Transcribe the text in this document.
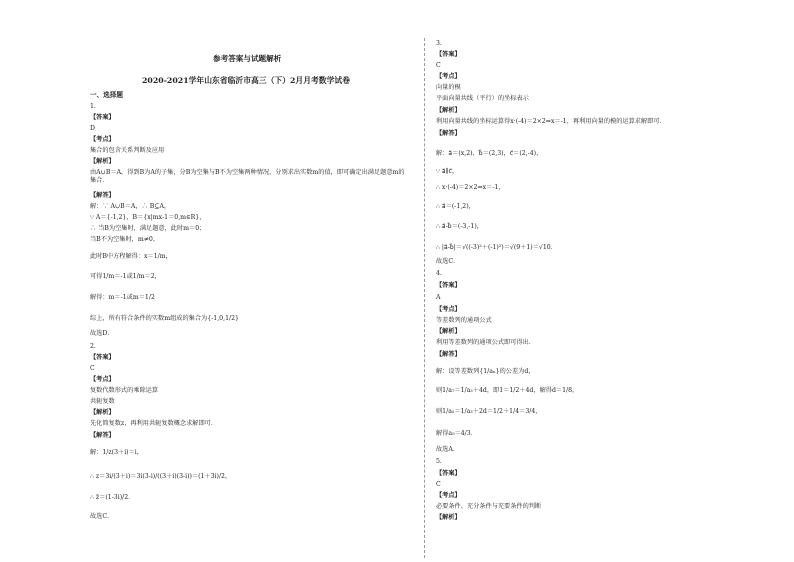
参考答案与试题解析
2020-2021学年山东省临沂市高三（下）2月月考数学试卷
一、选择题
1.
【答案】
D
【考点】
集合的包含关系判断及应用
【解析】
由A∪B＝A，得到B为A的子集，分B为空集与B不为空集两种情况，分别求出实数m的值，即可确定出满足题意m的集合．
【解答】
解：∵ A∪B＝A，∴ B⊆A，
∵ A＝{-1,2}，B＝{x|mx-1＝0,m∈R}，
∴ 当B为空集时，满足题意，此时m＝0；
当B不为空集时，m≠0，
此时B中方程解得：x＝1/m，
可得1/m＝-1或1/m＝2，
解得：m＝-1或m＝1/2
综上，所有符合条件的实数m组成的集合为{-1,0,1/2}
故选D．
2.
【答案】
C
【考点】
复数代数形式的乘除运算
共轭复数
【解析】
先化简复数z，再利用共轭复数概念求解即可．
【解答】
解：1/z(3＋i)＝i，
∴ z＝3i/(3＋i)＝3i(3-i)/((3＋i)(3-i))＝(1＋3i)/2，
∴ z̄＝(1-3i)/2．
故选C．
3.
【答案】
C
【考点】
向量的模
平面向量共线（平行）的坐标表示
【解析】
利用向量共线的坐标运算得x·(-4)＝2×2⇒x＝-1，再利用向量的模的运算求解即可．
【解答】
解：a⃗＝(x,2)，b⃗＝(2,3)，c⃗＝(2,-4)，
∵ a⃗∥c⃗，
∴ x·(-4)＝2×2⇒x＝-1，
∴ a⃗＝(-1,2)，
∴ a⃗-b⃗＝(-3,-1)，
∴ |a⃗-b⃗|＝√((-3)²＋(-1)²)＝√(9＋1)＝√10．
故选C．
4.
【答案】
A
【考点】
等差数列的通项公式
【解析】
利用等差数列的通项公式即可得出．
【解答】
解：设等差数列{1/aₙ}的公差为d，
则1/a₇＝1/a₃＋4d，即1＝1/2＋4d，解得d＝1/8，
则1/a₅＝1/a₃＋2d＝1/2＋1/4＝3/4，
解得a₅＝4/3．
故选A．
5.
【答案】
C
【考点】
必要条件、充分条件与充要条件的判断
【解析】
